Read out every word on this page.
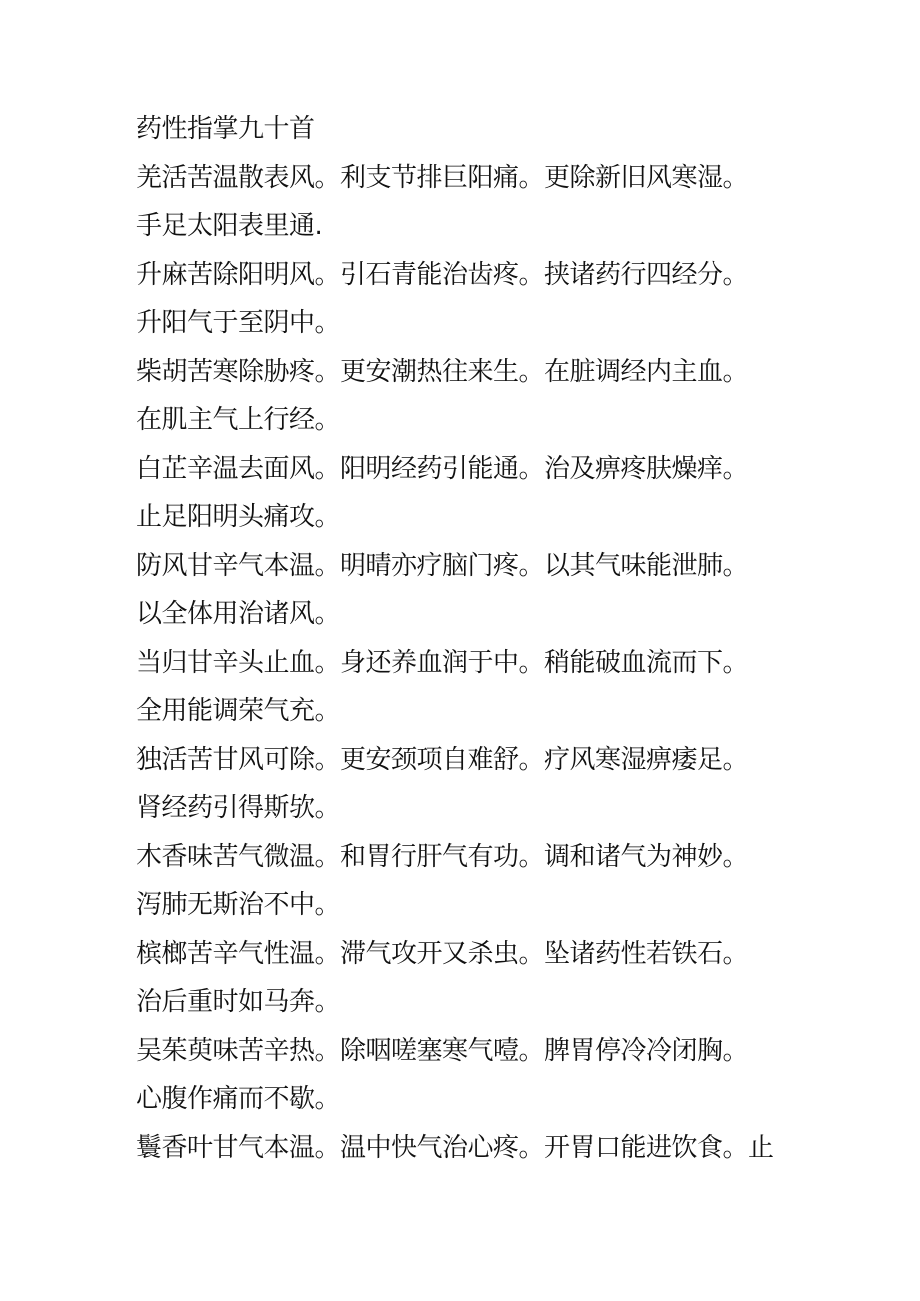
药性指掌九十首

羌活苦温散表风。利支节排巨阳痛。更除新旧风寒湿。

手足太阳表里通.

升麻苦除阳明风。引石青能治齿疼。挟诸药行四经分。

升阳气于至阴中。

柴胡苦寒除胁疼。更安潮热往来生。在脏调经内主血。

在肌主气上行经。

白芷辛温去面风。阳明经药引能通。治及痹疼肤燥痒。

止足阳明头痛攻。

防风甘辛气本温。明晴亦疗脑门疼。以其气味能泄肺。

以全体用治诸风。

当归甘辛头止血。身还养血润于中。稍能破血流而下。

全用能调荣气充。

独活苦甘风可除。更安颈项自难舒。疗风寒湿痹痿足。

肾经药引得斯欤。

木香味苦气微温。和胃行肝气有功。调和诸气为神妙。

泻肺无斯治不中。

槟榔苦辛气性温。滞气攻开又杀虫。坠诸药性若铁石。

治后重时如马奔。

吴茱萸味苦辛热。除咽嗟塞寒气噎。脾胃停冷冷闭胸。

心腹作痛而不歇。

鬟香叶甘气本温。温中快气治心疼。开胃口能进饮食。止
